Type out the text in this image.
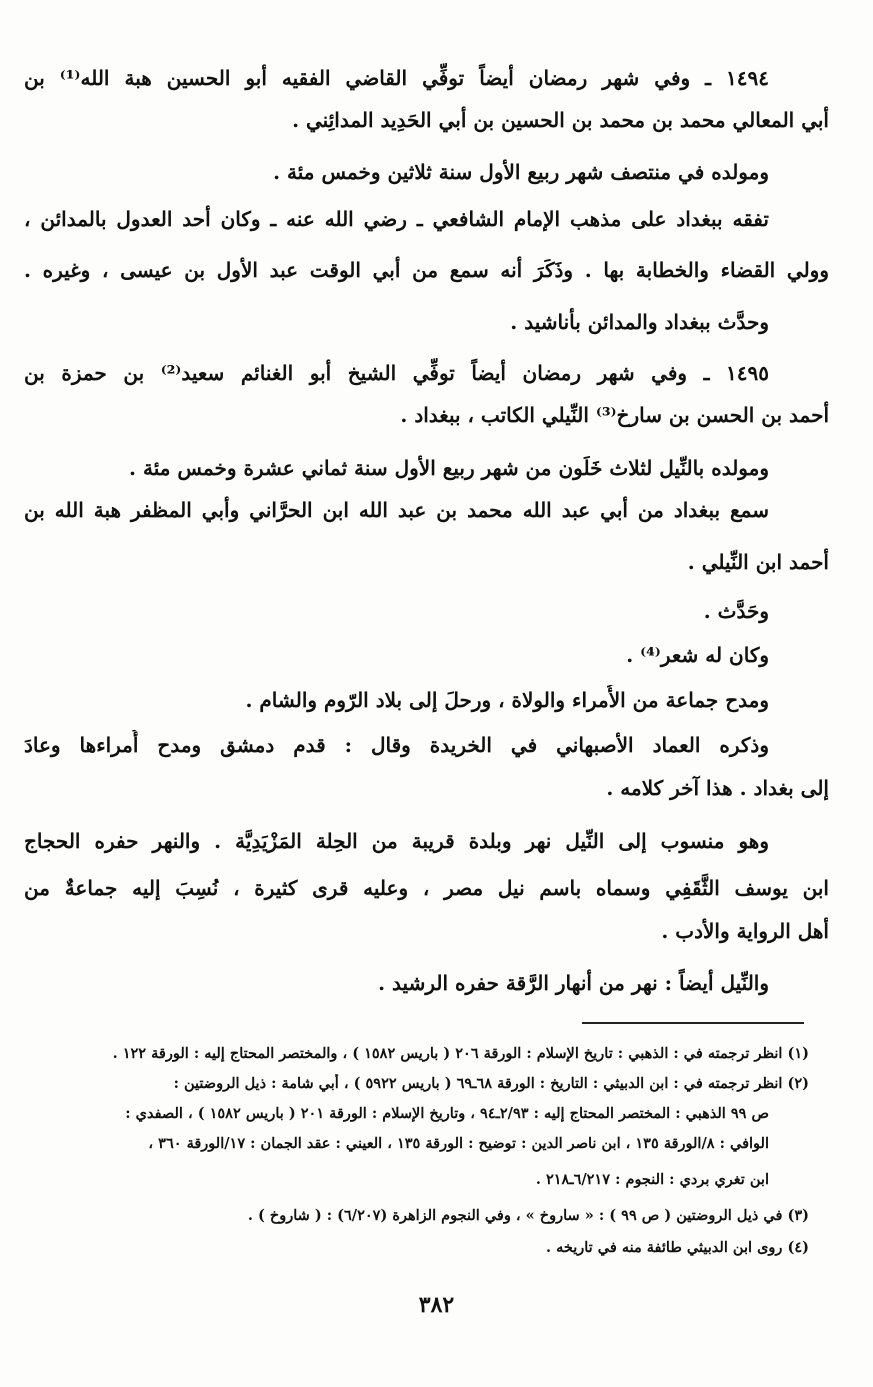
١٤٩٤ ـ وفي شهر رمضان أيضاً توفِّي القاضي الفقيه أبو الحسين هبة الله⁽¹⁾ بن
أبي المعالي محمد بن محمد بن الحسين بن أبي الحَدِيد المدائِني .
ومولده في منتصف شهر ربيع الأول سنة ثلاثين وخمس مئة .
تفقه ببغداد على مذهب الإمام الشافعي ـ رضي الله عنه ـ وكان أحد العدول بالمدائن ،
وولي القضاء والخطابة بها . وذَكَرَ أنه سمع من أبي الوقت عبد الأول بن عيسى ، وغيره .
وحدَّث ببغداد والمدائن بأناشيد .
١٤٩٥ ـ وفي شهر رمضان أيضاً توفِّي الشيخ أبو الغنائم سعيد⁽²⁾ بن حمزة بن
أحمد بن الحسن بن سارخ⁽³⁾ النِّيلي الكاتب ، ببغداد .
ومولده بالنِّيل لثلاث خَلَون من شهر ربيع الأول سنة ثماني عشرة وخمس مئة .
سمع ببغداد من أبي عبد الله محمد بن عبد الله ابن الحرَّاني وأبي المظفر هبة الله بن
أحمد ابن النِّيلي .
وحَدَّث .
وكان له شعر⁽⁴⁾ .
ومدح جماعة من الأُمراء والولاة ، ورحلَ إلى بلاد الرّوم والشام .
وذكره العماد الأصبهاني في الخريدة وقال : قدم دمشق ومدح أُمراءها وعادَ
إلى بغداد . هذا آخر كلامه .
وهو منسوب إلى النِّيل نهر وبلدة قريبة من الحِلة المَزْيَدِيَّة . والنهر حفره الحجاج
ابن يوسف الثَّقَفِي وسماه باسم نيل مصر ، وعليه قرى كثيرة ، نُسِبَ إليه جماعةٌ من
أهل الرواية والأدب .
والنِّيل أيضاً : نهر من أنهار الرَّقة حفره الرشيد .
(١) انظر ترجمته في : الذهبي : تاريخ الإسلام : الورقة ٢٠٦ ( باريس ١٥٨٢ ) ، والمختصر المحتاج إليه : الورقة ١٢٢ .
(٢) انظر ترجمته في : ابن الدبيثي : التاريخ : الورقة ٦٨ـ٦٩ ( باريس ٥٩٢٢ ) ، أبي شامة : ذيل الروضتين :
ص ٩٩ الذهبي : المختصر المحتاج إليه : ٢/٩٣ـ٩٤ ، وتاريخ الإسلام : الورقة ٢٠١ ( باريس ١٥٨٢ ) ، الصفدي :
الوافي : ٨/الورقة ١٣٥ ، ابن ناصر الدين : توضيح : الورقة ١٣٥ ، العيني : عقد الجمان : ١٧/الورقة ٣٦٠ ،
ابن تغري بردي : النجوم : ٦/٢١٧ـ٢١٨ .
(٣) في ذيل الروضتين ( ص ٩٩ ) : « ساروخ » ، وفي النجوم الزاهرة (٦/٢٠٧) : ( شاروخ ) .
(٤) روى ابن الدبيثي طائفة منه في تاريخه .
٣٨٢
